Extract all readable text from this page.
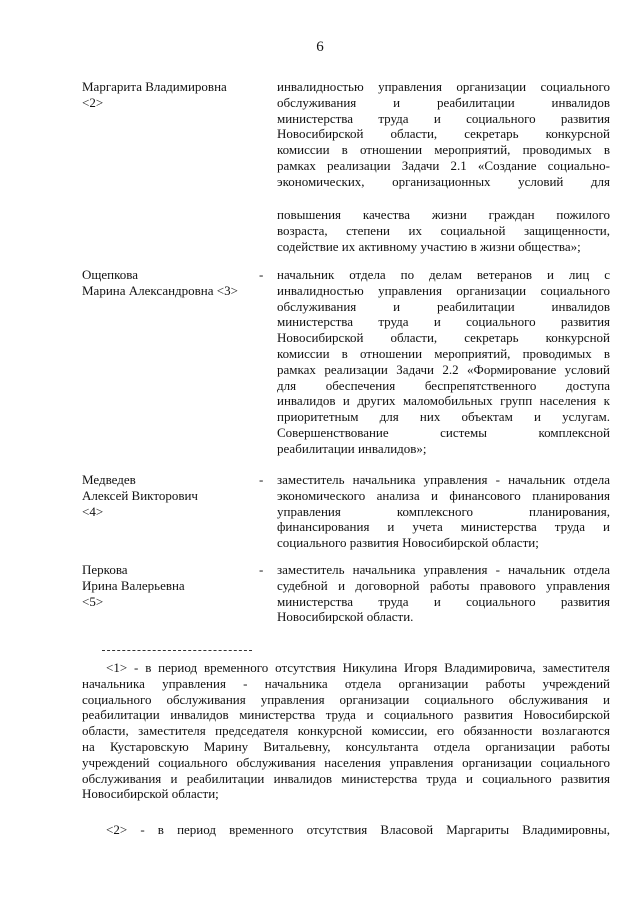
6
Маргарита Владимировна
<2>
инвалидностью управления организации социального
обслуживания и реабилитации инвалидов
министерства труда и социального развития
Новосибирской области, секретарь конкурсной
комиссии в отношении мероприятий, проводимых в
рамках реализации Задачи 2.1 «Создание социально-
экономических, организационных условий для
повышения качества жизни граждан пожилого
возраста, степени их социальной защищенности,
содействие их активному участию в жизни общества»;
Ощепкова
Марина Александровна <3>
- начальник отдела по делам ветеранов и лиц с
инвалидностью управления организации социального
обслуживания и реабилитации инвалидов
министерства труда и социального развития
Новосибирской области, секретарь конкурсной
комиссии в отношении мероприятий, проводимых в
рамках реализации Задачи 2.2 «Формирование условий
для обеспечения беспрепятственного доступа
инвалидов и других маломобильных групп населения к
приоритетным для них объектам и услугам.
Совершенствование системы комплексной
реабилитации инвалидов»;
Медведев
Алексей Викторович
<4>
- заместитель начальника управления - начальник отдела
экономического анализа и финансового планирования
управления комплексного планирования,
финансирования и учета министерства труда и
социального развития Новосибирской области;
Перкова
Ирина Валерьевна
<5>
- заместитель начальника управления - начальник отдела
судебной и договорной работы правового управления
министерства труда и социального развития
Новосибирской области.
<1> - в период временного отсутствия Никулина Игоря Владимировича, заместителя
начальника управления - начальника отдела организации работы учреждений
социального обслуживания управления организации социального обслуживания и
реабилитации инвалидов министерства труда и социального развития Новосибирской
области, заместителя председателя конкурсной комиссии, его обязанности возлагаются
на Кустаровскую Марину Витальевну, консультанта отдела организации работы
учреждений социального обслуживания населения управления организации социального
обслуживания и реабилитации инвалидов министерства труда и социального развития
Новосибирской области;
<2> - в период временного отсутствия Власовой Маргариты Владимировны,
